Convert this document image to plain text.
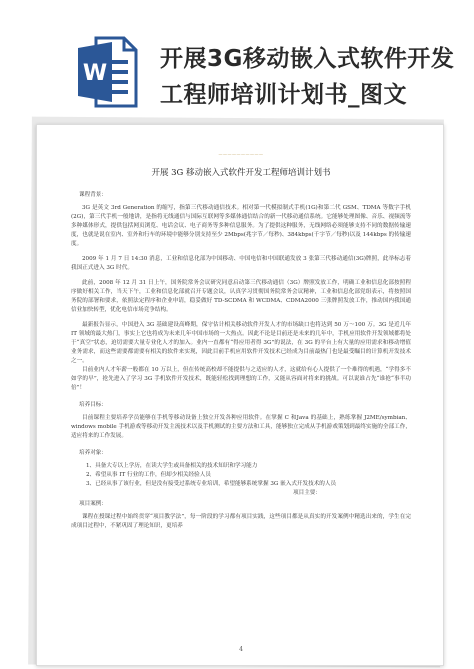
W
开展3G移动嵌入式软件开发
工程师培训计划书_图文
——————————
开展 3G 移动嵌入式软件开发工程师培训计划书

课程背景：

3G 是英文 3rd Generation 的缩写，指第三代移动通信技术。相对第一代模拟制式手机(1G)和第二代 GSM、TDMA 等数字手机(2G)，第三代手机一般地讲，是指将无线通信与国际互联网等多媒体通信结合的新一代移动通信系统。它能够处理图像、音乐、视频流等多种媒体形式，提供包括网页浏览、电话会议、电子商务等多种信息服务。为了提供这种服务，无线网络必须能够支持不同的数据传输速度，也就是说在室内、室外和行车的环境中能够分别支持至少 2Mbps(兆字节／每秒)、384kbps(千字节／每秒)以及 144kbps 的传输速度。

2009 年 1 月 7 日 14:30 消息，工业和信息化部为中国移动、中国电信和中国联通发放 3 张第三代移动通信(3G)牌照，此举标志着我国正式进入 3G 时代。

此前，2008 年 12 月 31 日上午，国务院常务会议研究同意启动第三代移动通信（3G）牌照发放工作，明确工业和信息化部按照程序做好相关工作，当天下午，工业和信息化部就召开专题会议，认真学习贯彻国务院常务会议精神，工业和信息化部党组表示，将按照国务院的部署和要求，依照法定程序和企业申请，稳妥做好 TD-SCDMA 和 WCDMA、CDMA2000 三张牌照发放工作，推动国内我国通信业加快转型，优化电信市场竞争结构。

最新报告显示，中国进入 3G 基础建设高峰期，保守估计相关移动软件开发人才的市场缺口也将达到 50 万～100 万。3G 是近几年 IT 领域的最大热门，事实上它也将成为未来几年中国市场的一大热点。因此不论是目前还是未来的几年中，手机应用软件开发领域都将处于“真空”状态，迫切需要大量专业化人才的加入。业内一直都有“得应用者得 3G”的说法，在 3G 的平台上有大量的应用需求和移动增值业务需求，而这些需要都需要有相关的软件来实现，因此目前手机应用软件开发技术已经成为目前最热门也是最受瞩目的计算机开发技术之一。

目前业内人才年薪一般都在 10 万以上，但在传统高校却不能提供与之适应的人才，这就给有心人提供了一个难得的机遇，“学得多不如学的早”，抢先进入了学习 3G 手机软件开发技术，既能轻松找到理想的工作，又能从容面对将来的挑战。可以说谁占先“谁抢“事半功倍”！

培养目标：

目前课程主要培养学员能够在手机等移动设备上独立开发各种应用软件。在掌握 C 和Java 的基础上，熟练掌握 J2ME/symbian、windows mobile 手机游戏等移动开发主流技术以及手机测试的主要方法和工具，能够独立完成从手机游戏策划到最终实施的全部工作，适应将来的工作发展。

培养对象：

1、具备大专以上学历，在读大学生或具备相关的技术知识和学习能力

2、希望从事 IT 行业的工作，但却少相关经验人员

3、已经从事了该行业，但是没有接受过系统专业培训，希望能够系统掌握 3G 嵌入式开发技术的人员

项目主要：

项目案例：

课程在授课过程中始终贯穿“项目教学法”，每一阶段的学习都有项目实践，这些项目都是从真实的开发案例中精选出来的，学生在完成项目过程中，不紧巩固了理论知识，更培养

4
